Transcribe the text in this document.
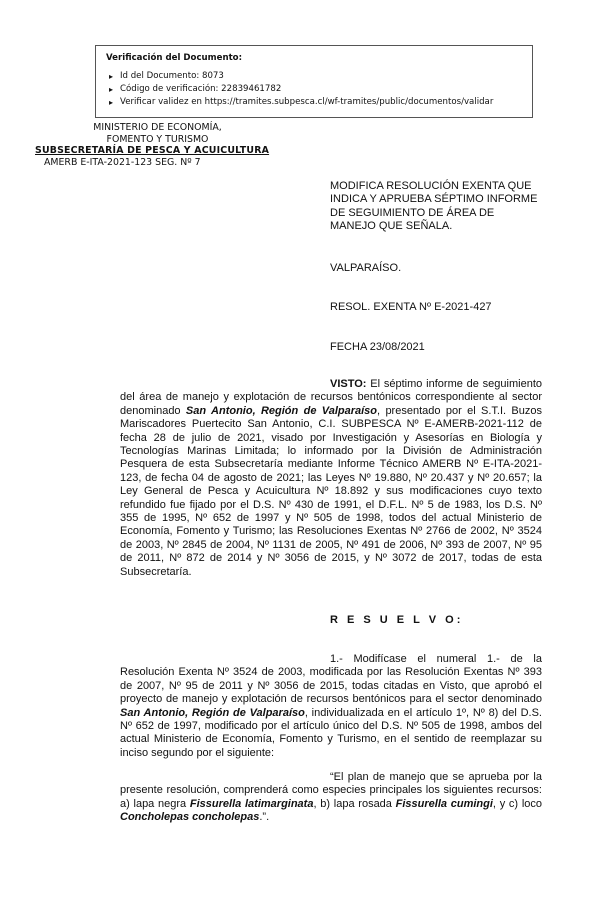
Verificación del Documento:
▸ Id del Documento: 8073
▸ Código de verificación: 22839461782
▸ Verificar validez en https://tramites.subpesca.cl/wf-tramites/public/documentos/validar
MINISTERIO DE ECONOMÍA,
FOMENTO Y TURISMO
SUBSECRETARÍA DE PESCA Y ACUICULTURA
AMERB E-ITA-2021-123 SEG. Nº 7
MODIFICA RESOLUCIÓN EXENTA QUE
INDICA Y APRUEBA SÉPTIMO INFORME
DE SEGUIMIENTO DE ÁREA DE
MANEJO QUE SEÑALA.
VALPARAÍSO.
RESOL. EXENTA Nº E-2021-427
FECHA 23/08/2021
VISTO: El séptimo informe de seguimiento del área de manejo y explotación de recursos bentónicos correspondiente al sector denominado San Antonio, Región de Valparaíso, presentado por el S.T.I. Buzos Mariscadores Puertecito San Antonio, C.I. SUBPESCA Nº E-AMERB-2021-112 de fecha 28 de julio de 2021, visado por Investigación y Asesorías en Biología y Tecnologías Marinas Limitada; lo informado por la División de Administración Pesquera de esta Subsecretaría mediante Informe Técnico AMERB Nº E-ITA-2021-123, de fecha 04 de agosto de 2021; las Leyes Nº 19.880, Nº 20.437 y Nº 20.657; la Ley General de Pesca y Acuicultura Nº 18.892 y sus modificaciones cuyo texto refundido fue fijado por el D.S. Nº 430 de 1991, el D.F.L. Nº 5 de 1983, los D.S. Nº 355 de 1995, Nº 652 de 1997 y Nº 505 de 1998, todos del actual Ministerio de Economía, Fomento y Turismo; las Resoluciones Exentas Nº 2766 de 2002, Nº 3524 de 2003, Nº 2845 de 2004, Nº 1131 de 2005, Nº 491 de 2006, Nº 393 de 2007, Nº 95 de 2011, Nº 872 de 2014 y Nº 3056 de 2015, y Nº 3072 de 2017, todas de esta Subsecretaría.
R E S U E L V O:
1.- Modifícase el numeral 1.- de la Resolución Exenta Nº 3524 de 2003, modificada por las Resolución Exentas Nº 393 de 2007, Nº 95 de 2011 y Nº 3056 de 2015, todas citadas en Visto, que aprobó el proyecto de manejo y explotación de recursos bentónicos para el sector denominado San Antonio, Región de Valparaíso, individualizada en el artículo 1º, Nº 8) del D.S. Nº 652 de 1997, modificado por el artículo único del D.S. Nº 505 de 1998, ambos del actual Ministerio de Economía, Fomento y Turismo, en el sentido de reemplazar su inciso segundo por el siguiente:
“El plan de manejo que se aprueba por la presente resolución, comprenderá como especies principales los siguientes recursos: a) lapa negra Fissurella latimarginata, b) lapa rosada Fissurella cumingi, y c) loco Concholepas concholepas.”.
